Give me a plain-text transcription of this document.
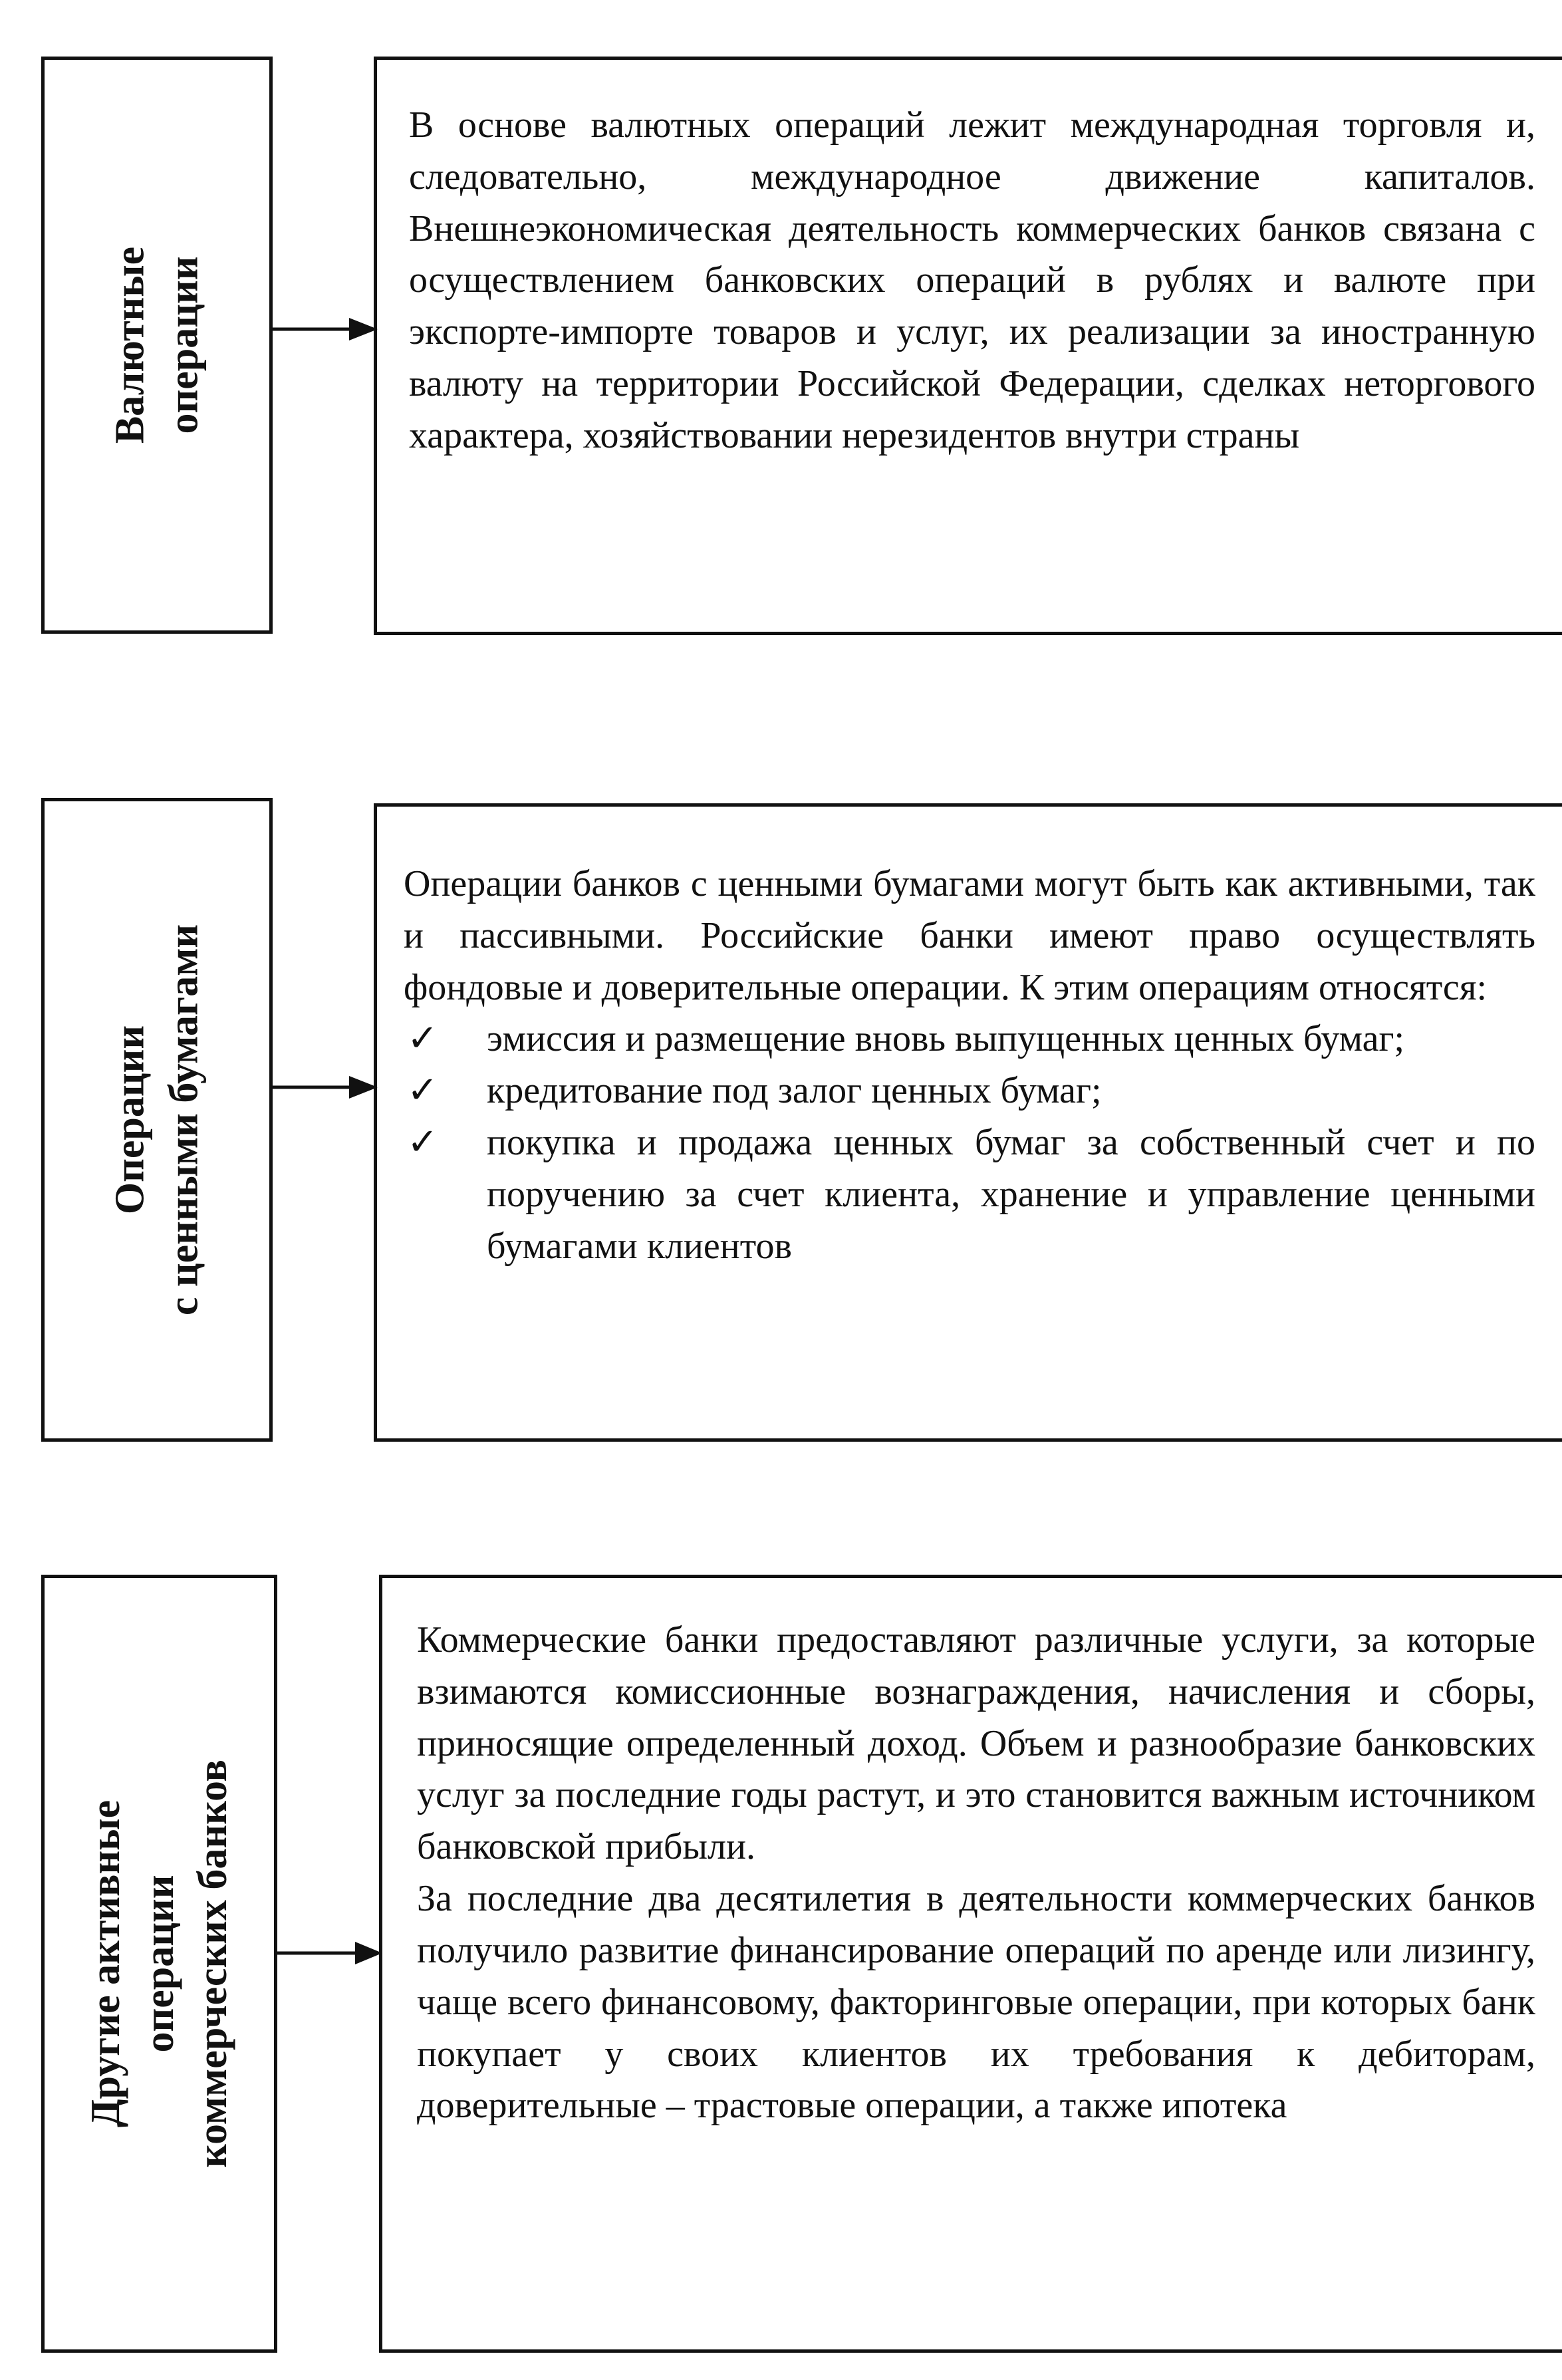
Валютные операции

В основе валютных операций лежит международная торговля и, следовательно, международное движение капиталов. Внешнеэкономическая деятельность коммерческих банков связана с осуществлением банковских операций в рублях и валюте при экспорте-импорте товаров и услуг, их реализации за иностранную валюту на территории Российской Федерации, сделках неторгового характера, хозяйствовании нерезидентов внутри страны

Операции с ценными бумагами

Операции банков с ценными бумагами могут быть как активными, так и пассивными. Российские банки имеют право осуществлять фондовые и доверительные операции. К этим операциям относятся:

✓ эмиссия и размещение вновь выпущенных ценных бумаг;
✓ кредитование под залог ценных бумаг;
✓ покупка и продажа ценных бумаг за собственный счет и по поручению за счет клиента, хранение и управление ценными бумагами клиентов
Другие активные операции коммерческих банков

Коммерческие банки предоставляют различные услуги, за которые взимаются комиссионные вознаграждения, начисления и сборы, приносящие определенный доход. Объем и разнообразие банковских услуг за последние годы растут, и это становится важным источником банковской прибыли.

За последние два десятилетия в деятельности коммерческих банков получило развитие финансирование операций по аренде или лизингу, чаще всего финансовому, факторинговые операции, при которых банк покупает у своих клиентов их требования к дебиторам, доверительные – трастовые операции, а также ипотека
